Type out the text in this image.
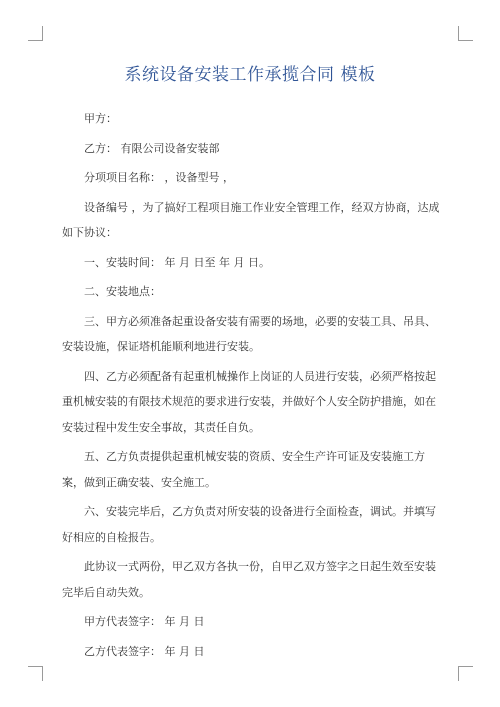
系统设备安装工作承揽合同 模板

甲方：

乙方： 有限公司设备安装部

分项项目名称： ，设备型号 ，

设备编号 ，为了搞好工程项目施工作业安全管理工作，经双方协商，达成如下协议：

一、安装时间： 年 月 日至 年 月 日。

二、安装地点：

三、甲方必须准备起重设备安装有需要的场地，必要的安装工具、吊具、安装设施，保证塔机能顺利地进行安装。

四、乙方必须配备有起重机械操作上岗证的人员进行安装，必须严格按起重机械安装的有限技术规范的要求进行安装，并做好个人安全防护措施，如在安装过程中发生安全事故，其责任自负。

五、乙方负责提供起重机械安装的资质、安全生产许可证及安装施工方案，做到正确安装、安全施工。

六、安装完毕后，乙方负责对所安装的设备进行全面检查，调试。并填写好相应的自检报告。

此协议一式两份，甲乙双方各执一份，自甲乙双方签字之日起生效至安装完毕后自动失效。

甲方代表签字： 年 月 日

乙方代表签字： 年 月 日
